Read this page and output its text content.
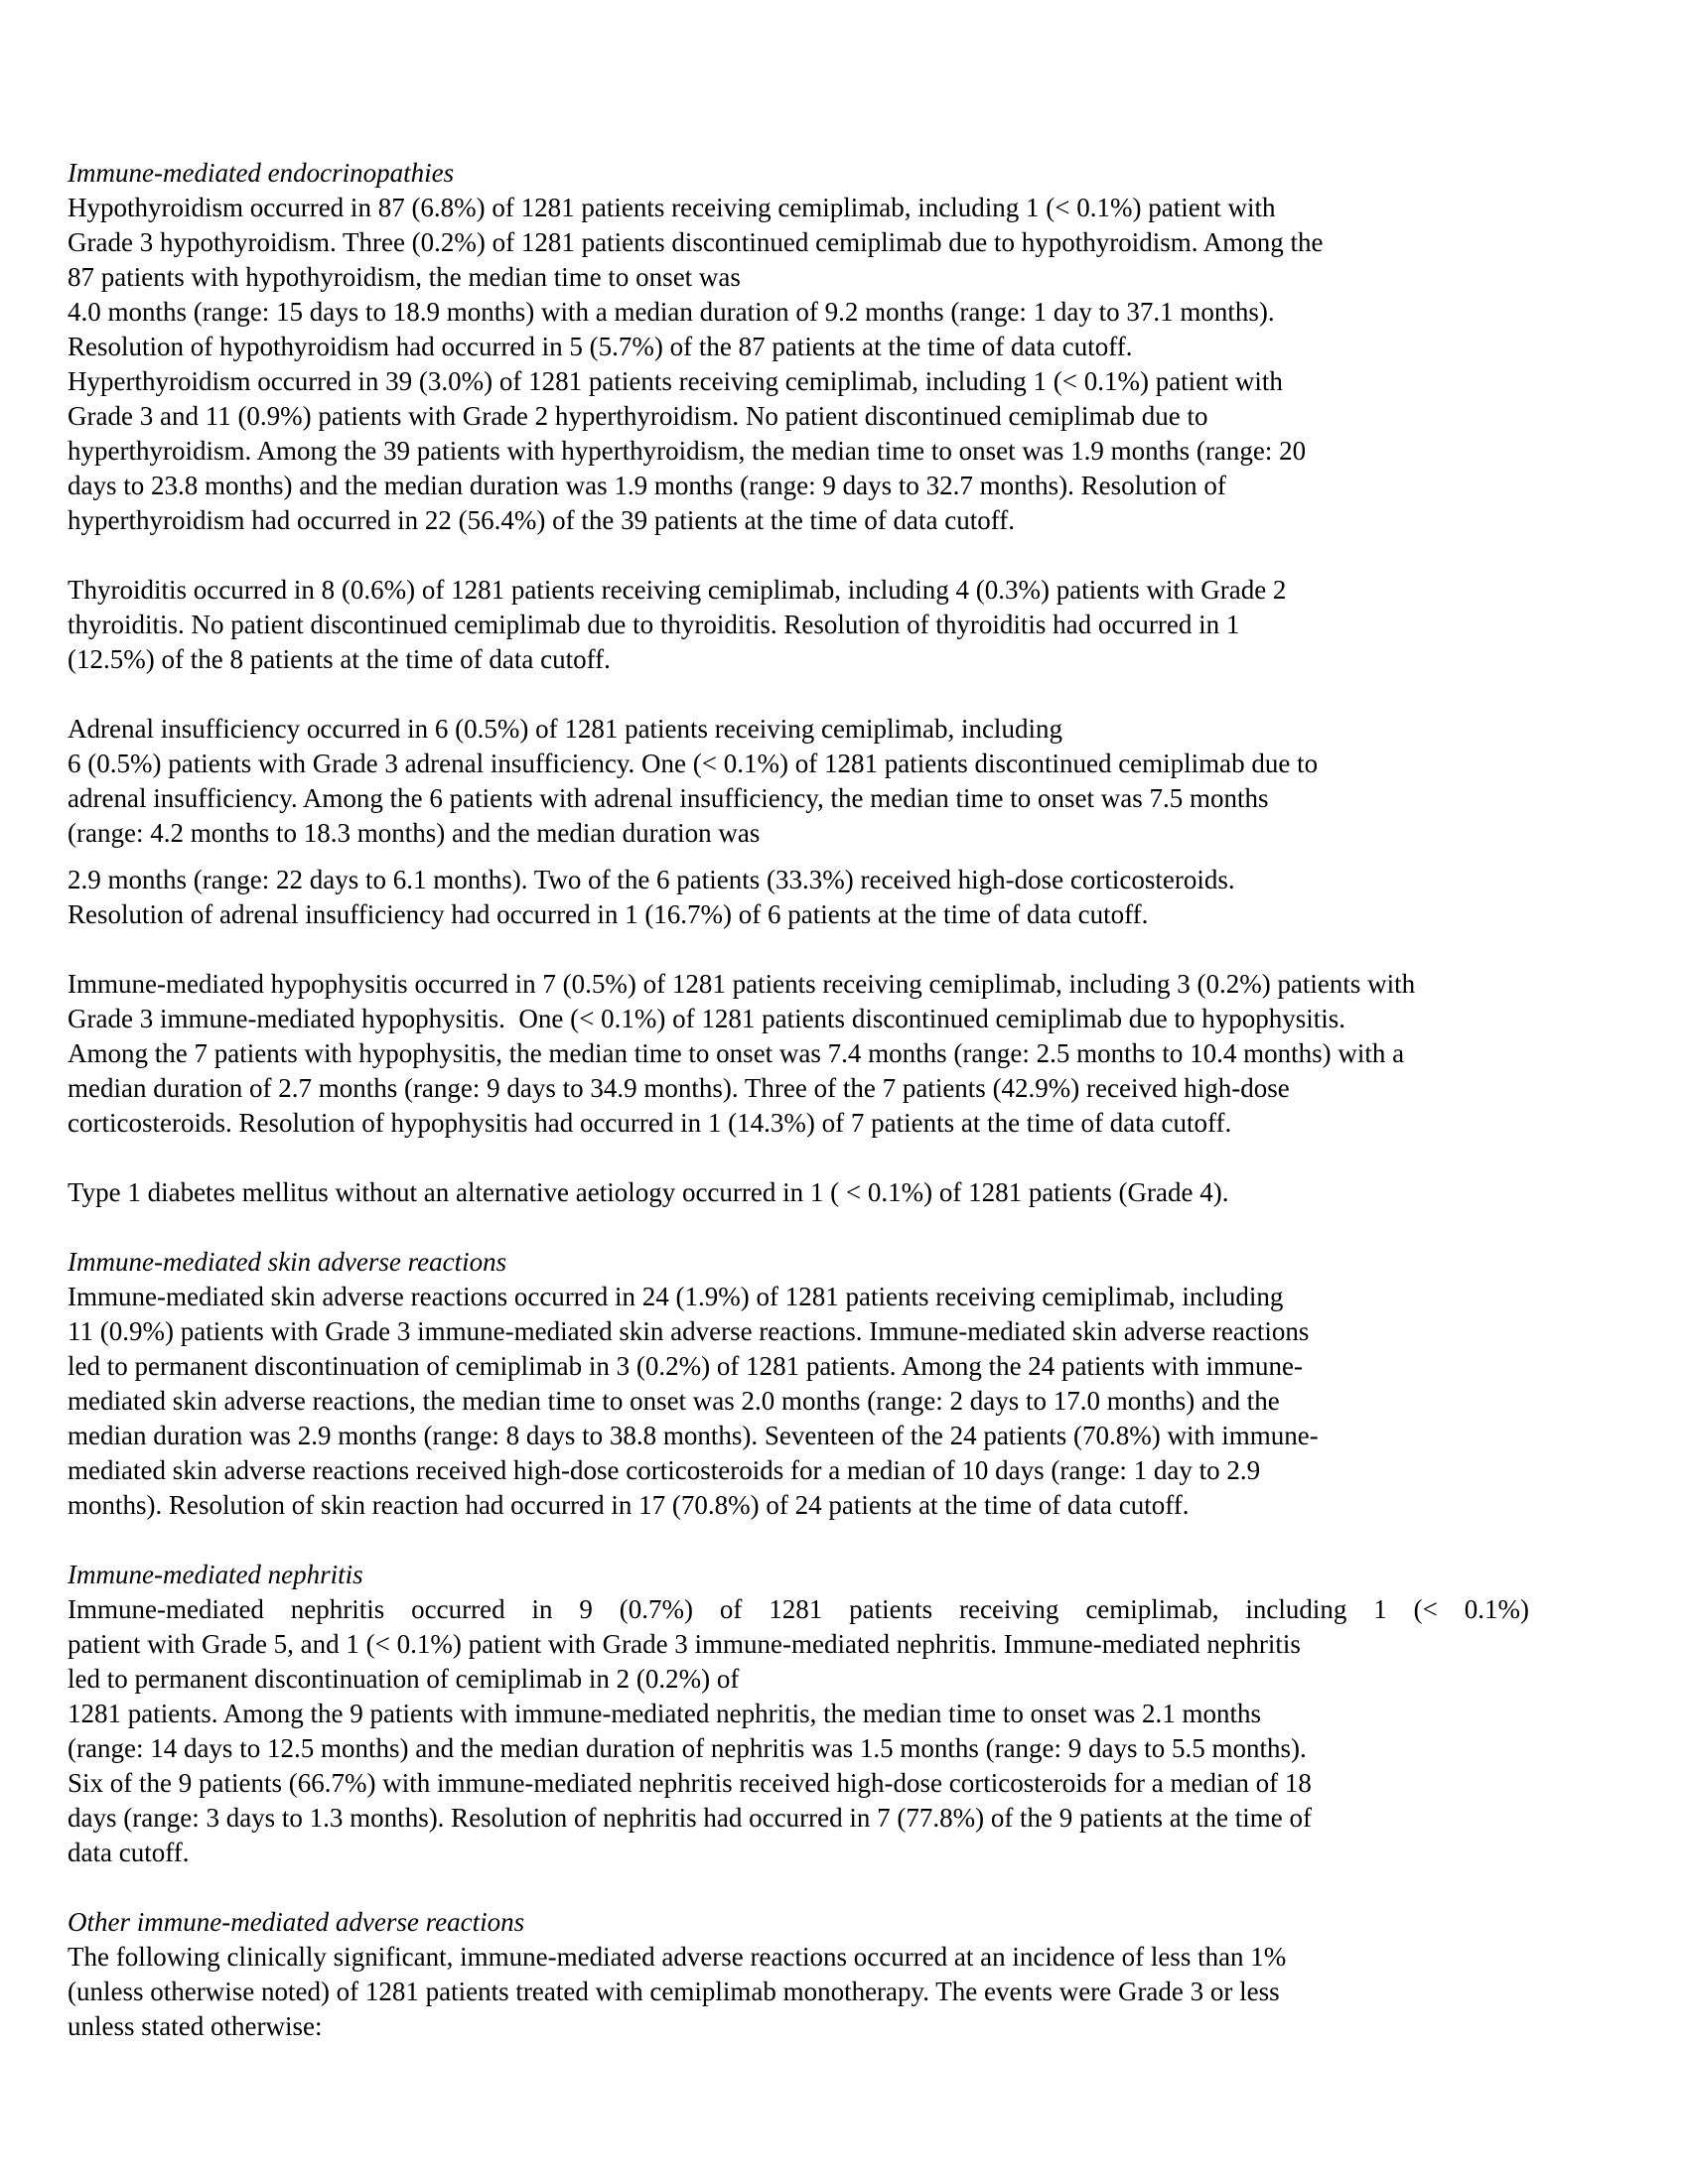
Immune-mediated endocrinopathies
Hypothyroidism occurred in 87 (6.8%) of 1281 patients receiving cemiplimab, including 1 (< 0.1%) patient with
Grade 3 hypothyroidism. Three (0.2%) of 1281 patients discontinued cemiplimab due to hypothyroidism. Among the
87 patients with hypothyroidism, the median time to onset was
4.0 months (range: 15 days to 18.9 months) with a median duration of 9.2 months (range: 1 day to 37.1 months).
Resolution of hypothyroidism had occurred in 5 (5.7%) of the 87 patients at the time of data cutoff.
Hyperthyroidism occurred in 39 (3.0%) of 1281 patients receiving cemiplimab, including 1 (< 0.1%) patient with
Grade 3 and 11 (0.9%) patients with Grade 2 hyperthyroidism. No patient discontinued cemiplimab due to
hyperthyroidism. Among the 39 patients with hyperthyroidism, the median time to onset was 1.9 months (range: 20
days to 23.8 months) and the median duration was 1.9 months (range: 9 days to 32.7 months). Resolution of
hyperthyroidism had occurred in 22 (56.4%) of the 39 patients at the time of data cutoff.
Thyroiditis occurred in 8 (0.6%) of 1281 patients receiving cemiplimab, including 4 (0.3%) patients with Grade 2
thyroiditis. No patient discontinued cemiplimab due to thyroiditis. Resolution of thyroiditis had occurred in 1
(12.5%) of the 8 patients at the time of data cutoff.
Adrenal insufficiency occurred in 6 (0.5%) of 1281 patients receiving cemiplimab, including
6 (0.5%) patients with Grade 3 adrenal insufficiency. One (< 0.1%) of 1281 patients discontinued cemiplimab due to
adrenal insufficiency. Among the 6 patients with adrenal insufficiency, the median time to onset was 7.5 months
(range: 4.2 months to 18.3 months) and the median duration was
2.9 months (range: 22 days to 6.1 months). Two of the 6 patients (33.3%) received high-dose corticosteroids.
Resolution of adrenal insufficiency had occurred in 1 (16.7%) of 6 patients at the time of data cutoff.
Immune-mediated hypophysitis occurred in 7 (0.5%) of 1281 patients receiving cemiplimab, including 3 (0.2%) patients with
Grade 3 immune-mediated hypophysitis.  One (< 0.1%) of 1281 patients discontinued cemiplimab due to hypophysitis.
Among the 7 patients with hypophysitis, the median time to onset was 7.4 months (range: 2.5 months to 10.4 months) with a
median duration of 2.7 months (range: 9 days to 34.9 months). Three of the 7 patients (42.9%) received high-dose
corticosteroids. Resolution of hypophysitis had occurred in 1 (14.3%) of 7 patients at the time of data cutoff.
Type 1 diabetes mellitus without an alternative aetiology occurred in 1 ( < 0.1%) of 1281 patients (Grade 4).
Immune-mediated skin adverse reactions
Immune-mediated skin adverse reactions occurred in 24 (1.9%) of 1281 patients receiving cemiplimab, including
11 (0.9%) patients with Grade 3 immune-mediated skin adverse reactions. Immune-mediated skin adverse reactions
led to permanent discontinuation of cemiplimab in 3 (0.2%) of 1281 patients. Among the 24 patients with immune-
mediated skin adverse reactions, the median time to onset was 2.0 months (range: 2 days to 17.0 months) and the
median duration was 2.9 months (range: 8 days to 38.8 months). Seventeen of the 24 patients (70.8%) with immune-
mediated skin adverse reactions received high-dose corticosteroids for a median of 10 days (range: 1 day to 2.9
months). Resolution of skin reaction had occurred in 17 (70.8%) of 24 patients at the time of data cutoff.
Immune-mediated nephritis
Immune-mediated nephritis occurred in 9 (0.7%) of 1281 patients receiving cemiplimab, including 1 (< 0.1%)
patient with Grade 5, and 1 (< 0.1%) patient with Grade 3 immune-mediated nephritis. Immune-mediated nephritis
led to permanent discontinuation of cemiplimab in 2 (0.2%) of
1281 patients. Among the 9 patients with immune-mediated nephritis, the median time to onset was 2.1 months
(range: 14 days to 12.5 months) and the median duration of nephritis was 1.5 months (range: 9 days to 5.5 months).
Six of the 9 patients (66.7%) with immune-mediated nephritis received high-dose corticosteroids for a median of 18
days (range: 3 days to 1.3 months). Resolution of nephritis had occurred in 7 (77.8%) of the 9 patients at the time of
data cutoff.
Other immune-mediated adverse reactions
The following clinically significant, immune-mediated adverse reactions occurred at an incidence of less than 1%
(unless otherwise noted) of 1281 patients treated with cemiplimab monotherapy. The events were Grade 3 or less
unless stated otherwise:
